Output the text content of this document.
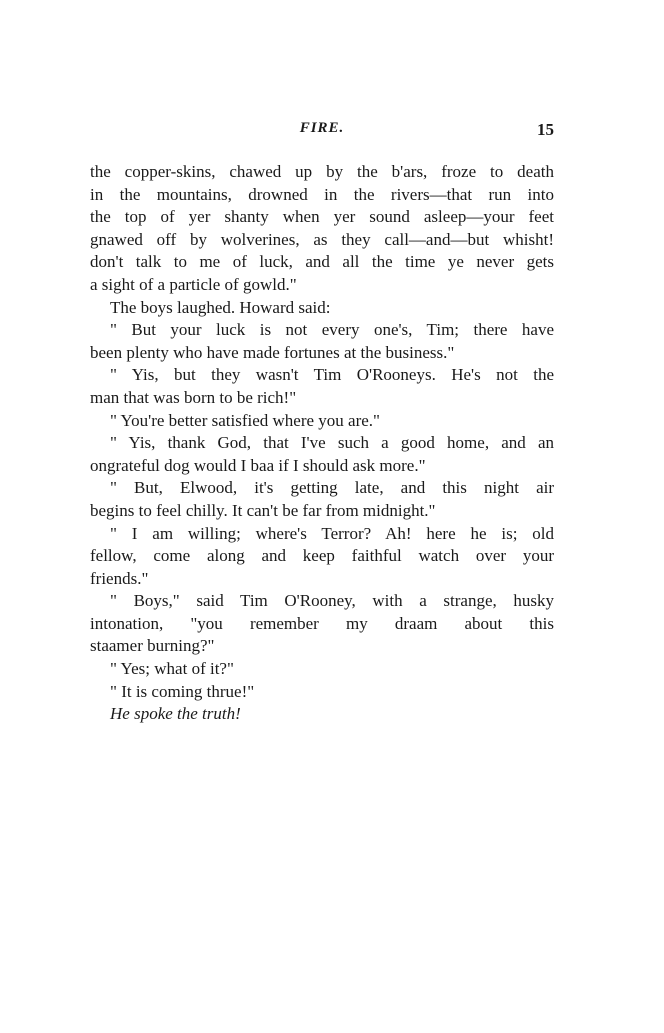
FIRE.	15
the copper-skins, chawed up by the b'ars, froze to death
in the mountains, drowned in the rivers—that run into
the top of yer shanty when yer sound asleep—your feet
gnawed off by wolverines, as they call—and—but whisht!
don't talk to me of luck, and all the time ye never gets
a sight of a particle of gowld."
The boys laughed. Howard said:
" But your luck is not every one's, Tim; there have
been plenty who have made fortunes at the business."
" Yis, but they wasn't Tim O'Rooneys. He's not the
man that was born to be rich!"
" You're better satisfied where you are."
" Yis, thank God, that I've such a good home, and an
ongrateful dog would I baa if I should ask more."
" But, Elwood, it's getting late, and this night air
begins to feel chilly. It can't be far from midnight."
" I am willing; where's Terror? Ah! here he is; old
fellow, come along and keep faithful watch over your
friends."
" Boys," said Tim O'Rooney, with a strange, husky
intonation, "you remember my draam about this
staamer burning?"
" Yes; what of it?"
" It is coming thrue!"
He spoke the truth!
